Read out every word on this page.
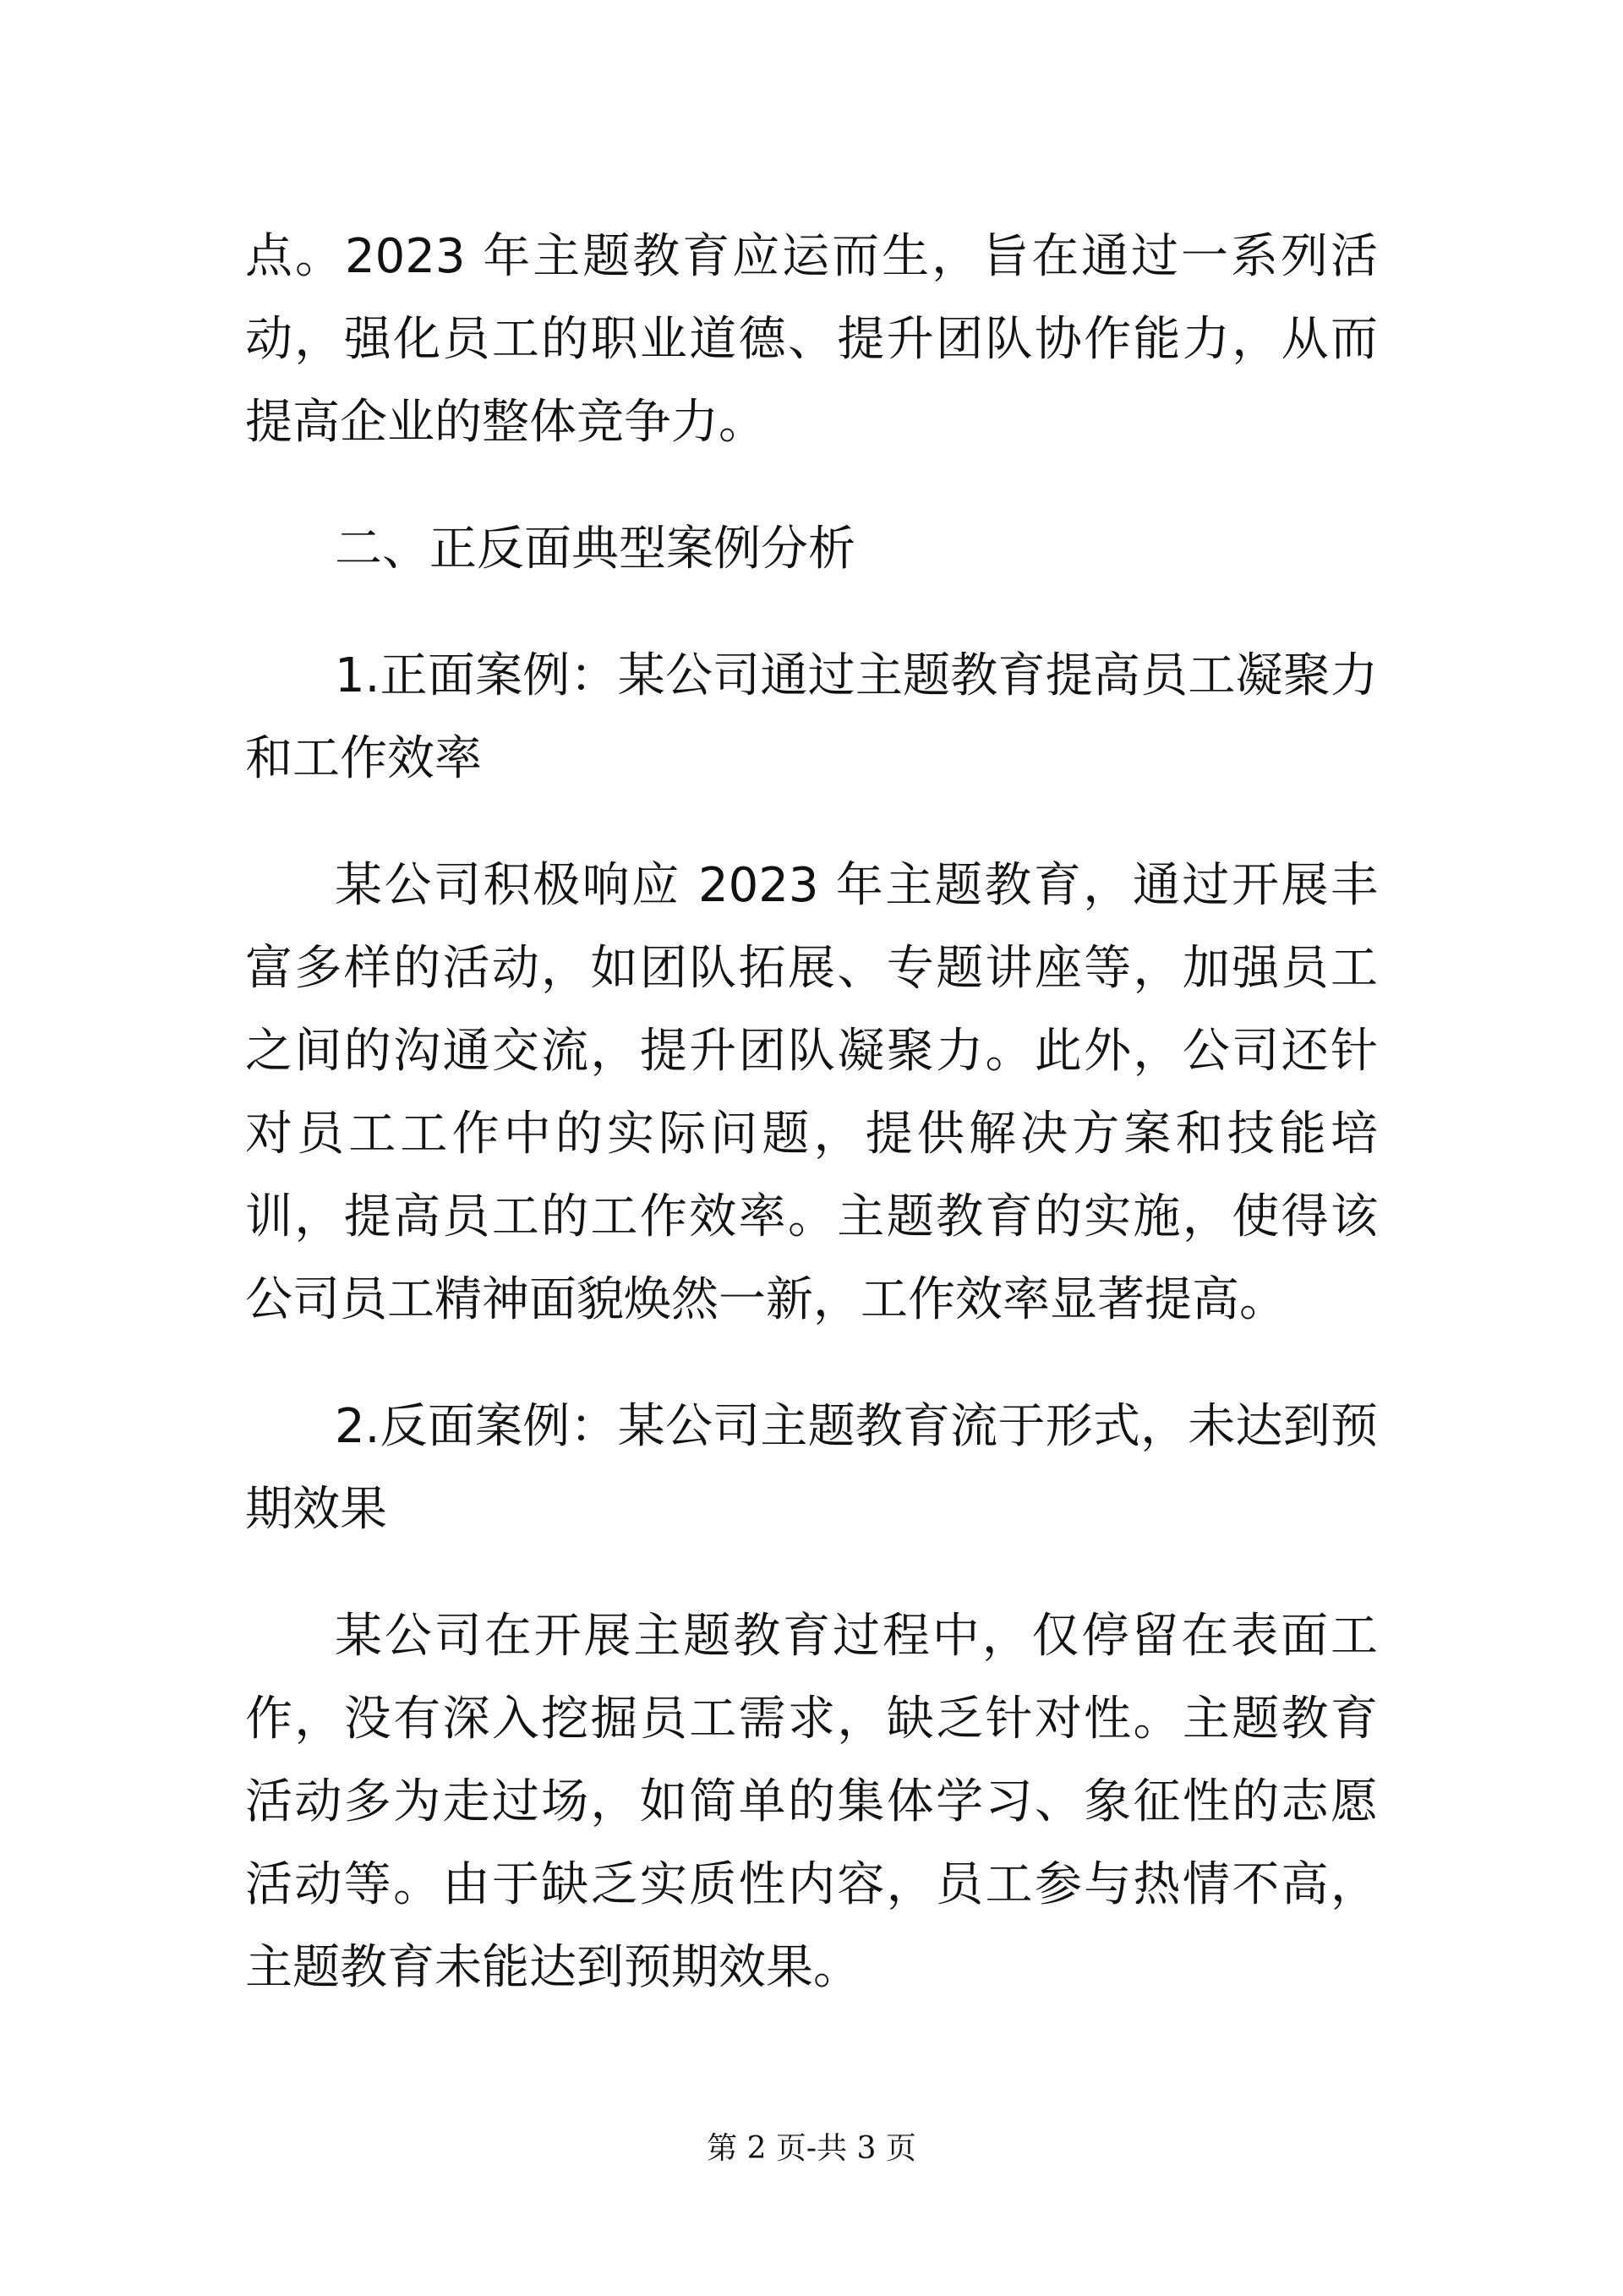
点。2023 年主题教育应运而生，旨在通过一系列活动，强化员工的职业道德、提升团队协作能力，从而提高企业的整体竞争力。

二、正反面典型案例分析

1.正面案例：某公司通过主题教育提高员工凝聚力和工作效率

某公司积极响应 2023 年主题教育，通过开展丰富多样的活动，如团队拓展、专题讲座等，加强员工之间的沟通交流，提升团队凝聚力。此外，公司还针对员工工作中的实际问题，提供解决方案和技能培训，提高员工的工作效率。主题教育的实施，使得该公司员工精神面貌焕然一新，工作效率显著提高。

2.反面案例：某公司主题教育流于形式，未达到预期效果

某公司在开展主题教育过程中，仅停留在表面工作，没有深入挖掘员工需求，缺乏针对性。主题教育活动多为走过场，如简单的集体学习、象征性的志愿活动等。由于缺乏实质性内容，员工参与热情不高，主题教育未能达到预期效果。

第 2 页-共 3 页
